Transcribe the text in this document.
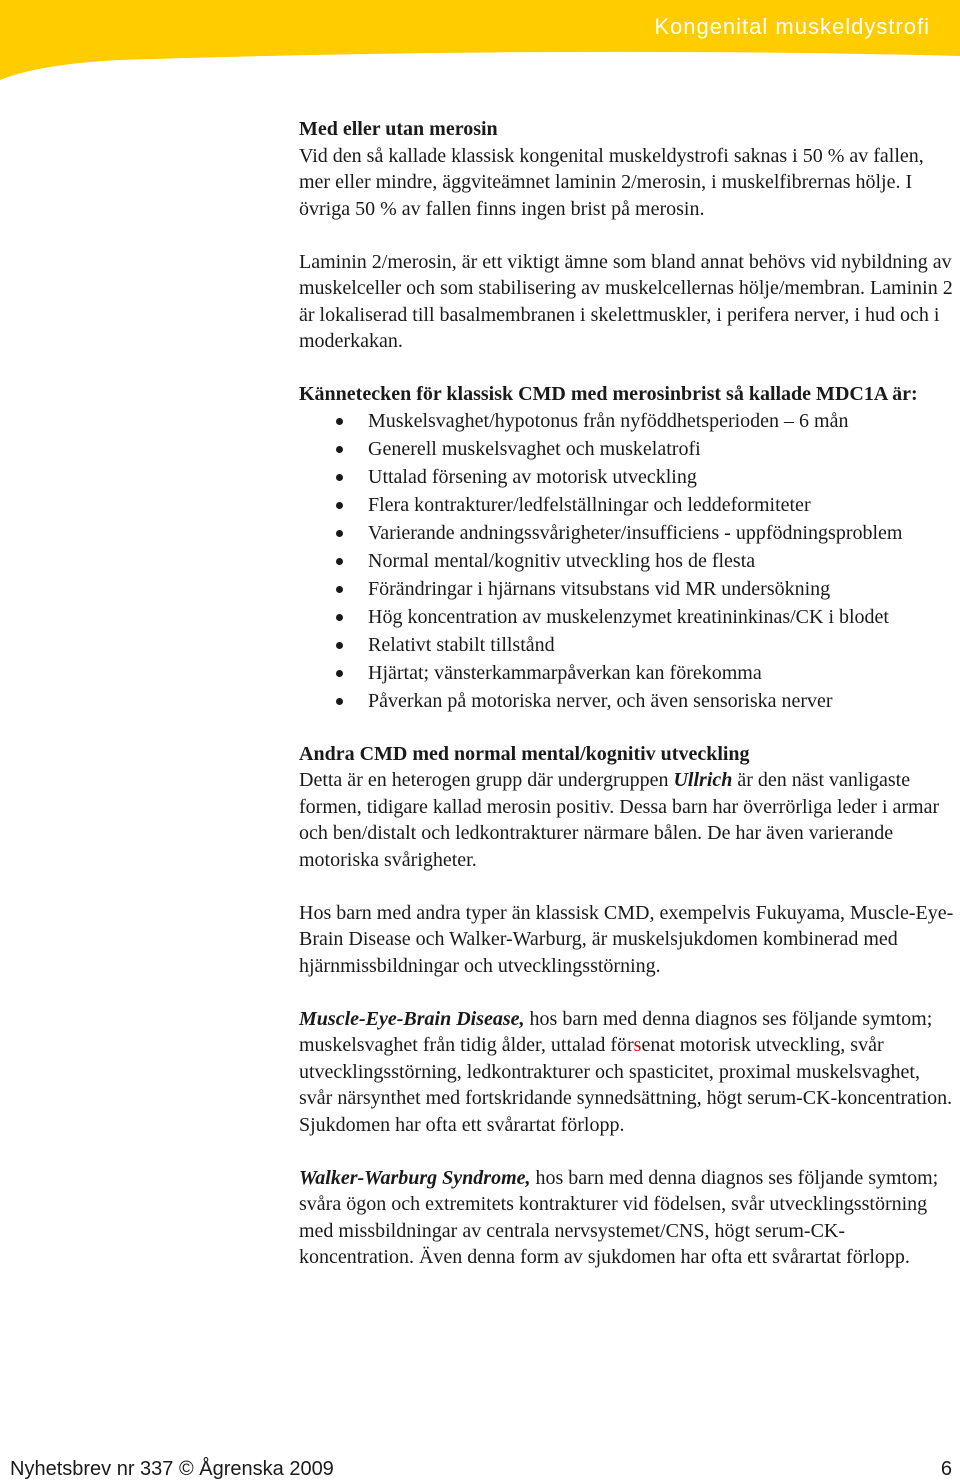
Kongenital muskeldystrofi

Med eller utan merosin
Vid den så kallade klassisk kongenital muskeldystrofi saknas i 50 % av fallen, mer eller mindre, äggviteämnet laminin 2/merosin, i muskelfibrernas hölje. I övriga 50 % av fallen finns ingen brist på merosin.

Laminin 2/merosin, är ett viktigt ämne som bland annat behövs vid nybildning av muskelceller och som stabilisering av muskelcellernas hölje/membran. Laminin 2 är lokaliserad till basalmembranen i skelettmuskler, i perifera nerver, i hud och i moderkakan.

Kännetecken för klassisk CMD med merosinbrist så kallade MDC1A är:
Muskelsvaghet/hypotonus från nyföddhetsperioden – 6 mån
Generell muskelsvaghet och muskelatrofi
Uttalad försening av motorisk utveckling
Flera kontrakturer/ledfelställningar och leddeformiteter
Varierande andningssvårigheter/insufficiens - uppfödningsproblem
Normal mental/kognitiv utveckling hos de flesta
Förändringar i hjärnans vitsubstans vid MR undersökning
Hög koncentration av muskelenzymet kreatininkinas/CK i blodet
Relativt stabilt tillstånd
Hjärtat; vänsterkammarpåverkan kan förekomma
Påverkan på motoriska nerver, och även sensoriska nerver

Andra CMD med normal mental/kognitiv utveckling
Detta är en heterogen grupp där undergruppen Ullrich är den näst vanligaste formen, tidigare kallad merosin positiv. Dessa barn har överrörliga leder i armar och ben/distalt och ledkontrakturer närmare bålen. De har även varierande motoriska svårigheter.

Hos barn med andra typer än klassisk CMD, exempelvis Fukuyama, Muscle-Eye-Brain Disease och Walker-Warburg, är muskelsjukdomen kombinerad med hjärnmissbildningar och utvecklingsstörning.

Muscle-Eye-Brain Disease, hos barn med denna diagnos ses följande symtom; muskelsvaghet från tidig ålder, uttalad försenat motorisk utveckling, svår utvecklingsstörning, ledkontrakturer och spasticitet, proximal muskelsvaghet, svår närsynthet med fortskridande synnedsättning, högt serum-CK-koncentration. Sjukdomen har ofta ett svårartat förlopp.

Walker-Warburg Syndrome, hos barn med denna diagnos ses följande symtom; svåra ögon och extremitets kontrakturer vid födelsen, svår utvecklingsstörning med missbildningar av centrala nervsystemet/CNS, högt serum-CK-koncentration. Även denna form av sjukdomen har ofta ett svårartat förlopp.

Nyhetsbrev nr 337 © Ågrenska 2009	6
